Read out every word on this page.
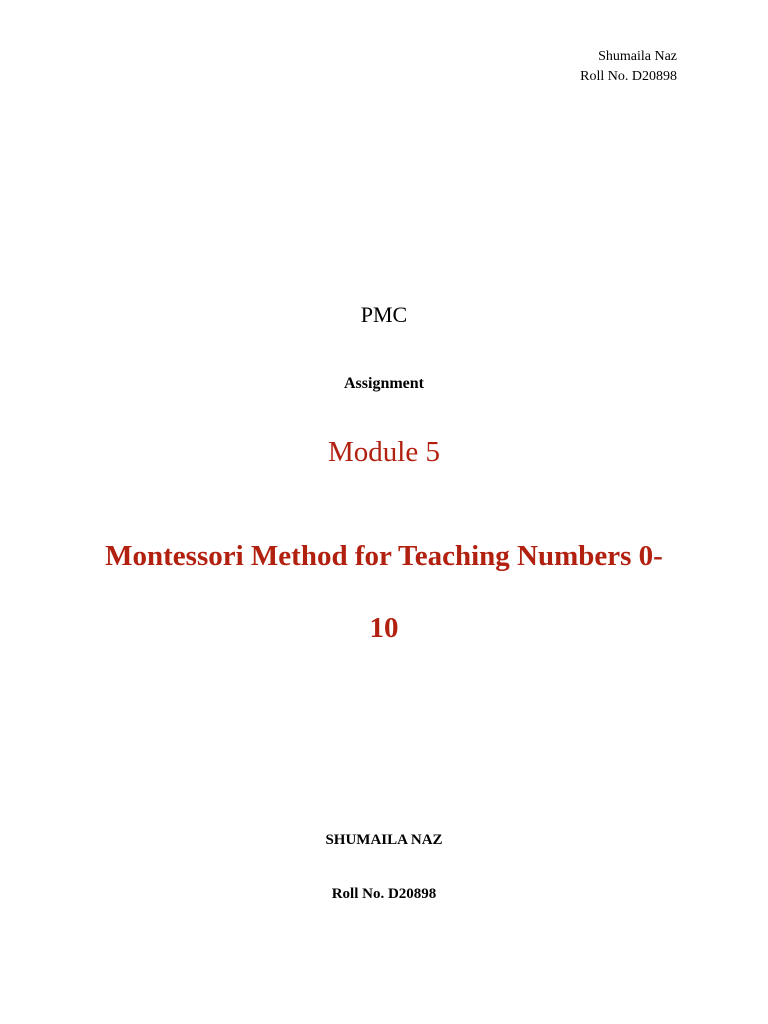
Shumaila Naz
Roll No. D20898
PMC
Assignment
Module 5
Montessori Method for Teaching Numbers 0-
10
SHUMAILA NAZ
Roll No. D20898
